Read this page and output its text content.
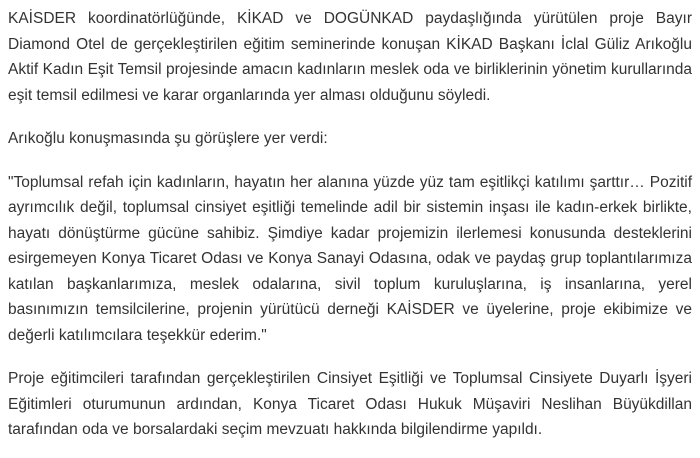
KAİSDER koordinatörlüğünde, KİKAD ve DOGÜNKAD paydaşlığında yürütülen proje Bayır Diamond Otel de gerçekleştirilen eğitim seminerinde konuşan KİKAD Başkanı İclal Güliz Arıkoğlu Aktif Kadın Eşit Temsil projesinde amacın kadınların meslek oda ve birliklerinin yönetim kurullarında eşit temsil edilmesi ve karar organlarında yer alması olduğunu söyledi.

Arıkoğlu konuşmasında şu görüşlere yer verdi:

"Toplumsal refah için kadınların, hayatın her alanına yüzde yüz tam eşitlikçi katılımı şarttır… Pozitif ayrımcılık değil, toplumsal cinsiyet eşitliği temelinde adil bir sistemin inşası ile kadın-erkek birlikte, hayatı dönüştürme gücüne sahibiz. Şimdiye kadar projemizin ilerlemesi konusunda desteklerini esirgemeyen Konya Ticaret Odası ve Konya Sanayi Odasına, odak ve paydaş grup toplantılarımıza katılan başkanlarımıza, meslek odalarına, sivil toplum kuruluşlarına, iş insanlarına, yerel basınımızın temsilcilerine, projenin yürütücü derneği KAİSDER ve üyelerine, proje ekibimize ve değerli katılımcılara teşekkür ederim."

Proje eğitimcileri tarafından gerçekleştirilen Cinsiyet Eşitliği ve Toplumsal Cinsiyete Duyarlı İşyeri Eğitimleri oturumunun ardından, Konya Ticaret Odası Hukuk Müşaviri Neslihan Büyükdillan tarafından oda ve borsalardaki seçim mevzuatı hakkında bilgilendirme yapıldı.
